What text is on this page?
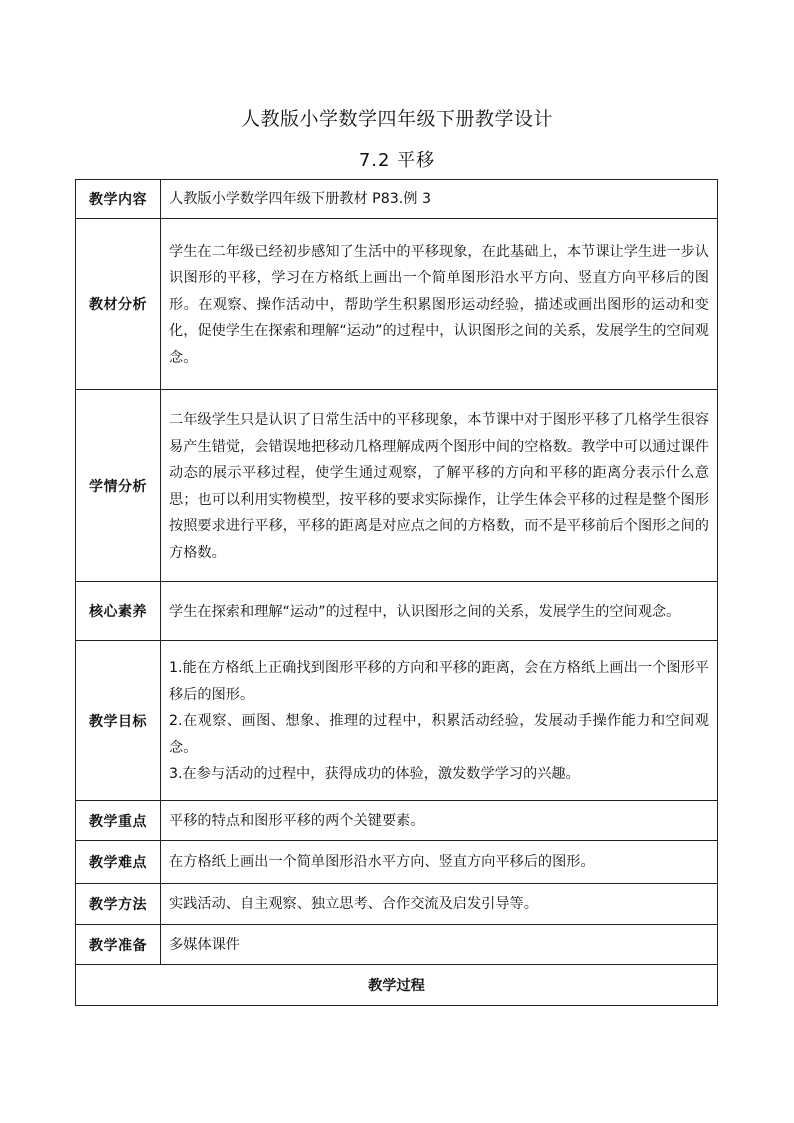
人教版小学数学四年级下册教学设计
7.2 平移
教学内容	人教版小学数学四年级下册教材 P83.例 3
教材分析	学生在二年级已经初步感知了生活中的平移现象，在此基础上，本节课让学生进一步认识图形的平移，学习在方格纸上画出一个简单图形沿水平方向、竖直方向平移后的图形。在观察、操作活动中，帮助学生积累图形运动经验，描述或画出图形的运动和变化，促使学生在探索和理解“运动”的过程中，认识图形之间的关系，发展学生的空间观念。
学情分析	二年级学生只是认识了日常生活中的平移现象，本节课中对于图形平移了几格学生很容易产生错觉，会错误地把移动几格理解成两个图形中间的空格数。教学中可以通过课件动态的展示平移过程，使学生通过观察，了解平移的方向和平移的距离分表示什么意思；也可以利用实物模型，按平移的要求实际操作，让学生体会平移的过程是整个图形按照要求进行平移，平移的距离是对应点之间的方格数，而不是平移前后个图形之间的方格数。
核心素养	学生在探索和理解“运动”的过程中，认识图形之间的关系，发展学生的空间观念。
教学目标	1.能在方格纸上正确找到图形平移的方向和平移的距离，会在方格纸上画出一个图形平移后的图形。

2.在观察、画图、想象、推理的过程中，积累活动经验，发展动手操作能力和空间观念。

3.在参与活动的过程中，获得成功的体验，激发数学学习的兴趣。

教学重点	平移的特点和图形平移的两个关键要素。
教学难点	在方格纸上画出一个简单图形沿水平方向、竖直方向平移后的图形。
教学方法	实践活动、自主观察、独立思考、合作交流及启发引导等。
教学准备	多媒体课件
教学过程	
